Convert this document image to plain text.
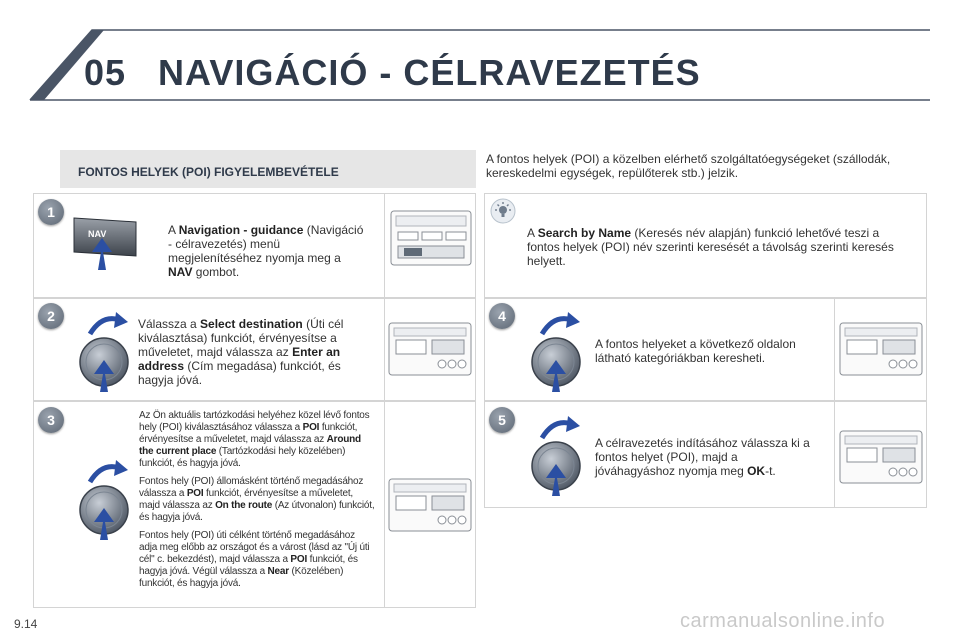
05 NAVIGÁCIÓ - CÉLRAVEZETÉS
FONTOS HELYEK (POI) FIGYELEMBEVÉTELE
A fontos helyek (POI) a közelben elérhető szolgáltatóegységeket (szállodák, kereskedelmi egységek, repülőterek stb.) jelzik.
1
2
3
4
5
NAV	A Navigation - guidance (Navigáció - célravezetés) menü megjelenítéséhez nyomja meg a NAV gombot.
Válassza a Select destination (Úti cél kiválasztása) funkciót, érvényesítse a műveletet, majd válassza az Enter an address (Cím megadása) funkciót, és hagyja jóvá.

Az Ön aktuális tartózkodási helyéhez közel lévő fontos hely (POI) kiválasztásához válassza a POI funkciót, érvényesítse a műveletet, majd válassza az Around the current place (Tartózkodási hely közelében) funkciót, és hagyja jóvá.

Fontos hely (POI) állomásként történő megadásához válassza a POI funkciót, érvényesítse a műveletet, majd válassza az On the route (Az útvonalon) funkciót, és hagyja jóvá.

Fontos hely (POI) úti célként történő megadásához adja meg előbb az országot és a várost (lásd az "Új úti cél" c. bekezdést), majd válassza a POI funkciót, és hagyja jóvá. Végül válassza a Near (Közelében) funkciót, és hagyja jóvá.

A Search by Name (Keresés név alapján) funkció lehetővé teszi a fontos helyek (POI) név szerinti keresését a távolság szerinti keresés helyett.
A fontos helyeket a következő oldalon látható kategóriákban keresheti.
A célravezetés indításához válassza ki a fontos helyet (POI), majd a jóváhagyáshoz nyomja meg OK-t.
9.14	carmanualsonline.info
